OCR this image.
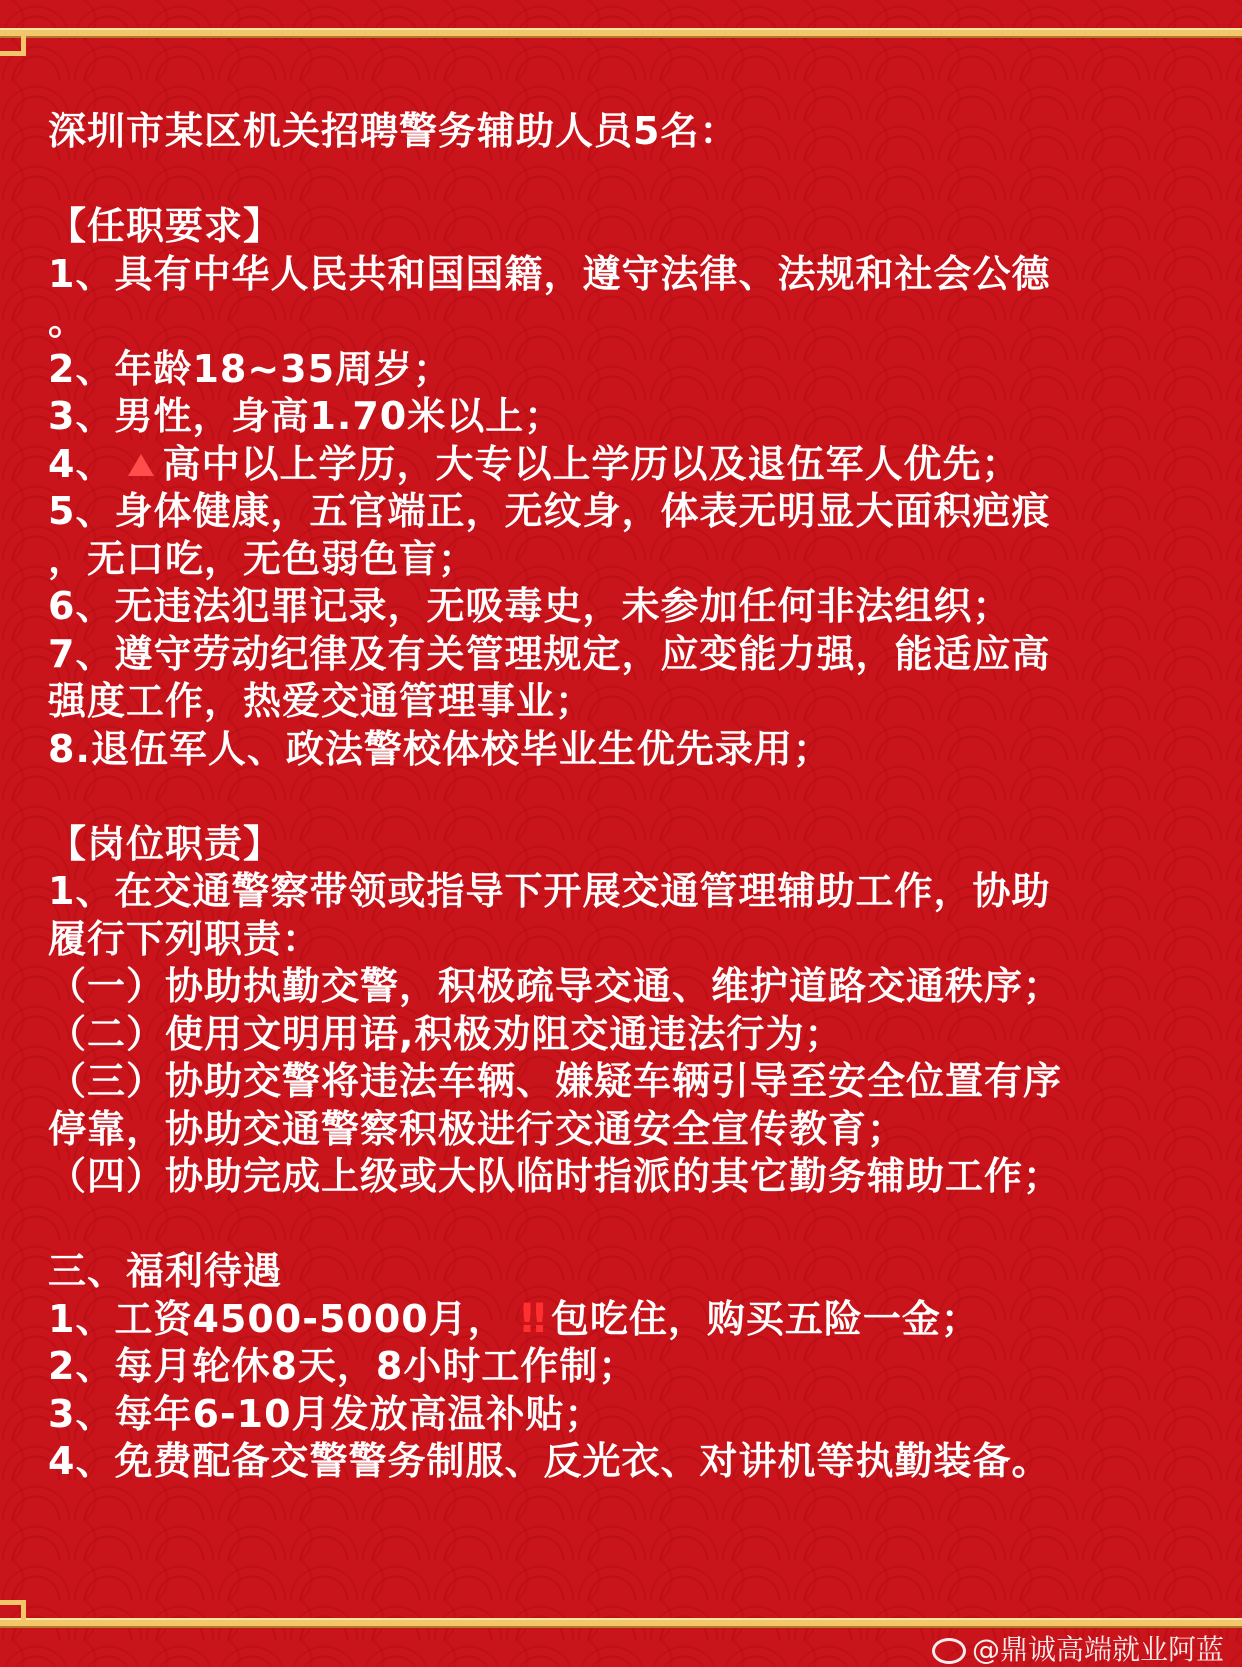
深圳市某区机关招聘警务辅助人员5名：
【任职要求】
1、具有中华人民共和国国籍，遵守法律、法规和社会公德
。
2、年龄18~35周岁；
3、男性，身高1.70米以上；
4、 高中以上学历，大专以上学历以及退伍军人优先；
5、身体健康，五官端正，无纹身，体表无明显大面积疤痕
，无口吃，无色弱色盲；
6、无违法犯罪记录，无吸毒史，未参加任何非法组织；
7、遵守劳动纪律及有关管理规定，应变能力强，能适应高
强度工作，热爱交通管理事业；
8.退伍军人、政法警校体校毕业生优先录用；
【岗位职责】
1、在交通警察带领或指导下开展交通管理辅助工作，协助
履行下列职责：
（一）协助执勤交警，积极疏导交通、维护道路交通秩序；
（二）使用文明用语,积极劝阻交通违法行为；
（三）协助交警将违法车辆、嫌疑车辆引导至安全位置有序
停靠，协助交通警察积极进行交通安全宣传教育；
（四）协助完成上级或大队临时指派的其它勤务辅助工作；
三、福利待遇
1、工资4500-5000月， ‼ 包吃住，购买五险一金；
2、每月轮休8天，8小时工作制；
3、每年6-10月发放高温补贴；
4、免费配备交警警务制服、反光衣、对讲机等执勤装备。
@鼎诚高端就业阿蓝
